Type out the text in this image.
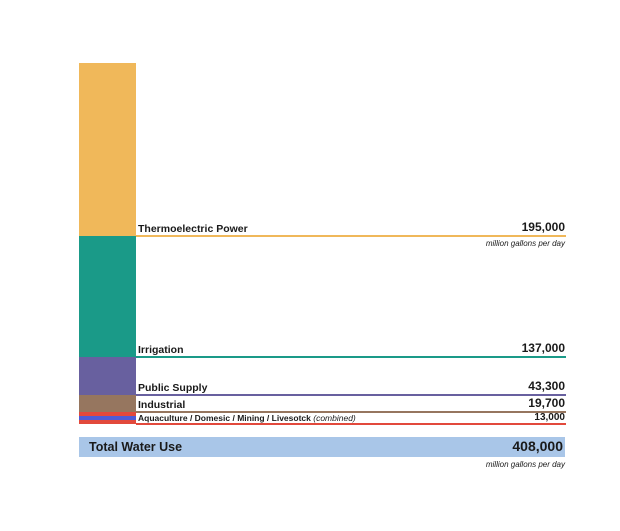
Thermoelectric Power	195,000
million gallons per day
Irrigation	137,000
Public Supply	43,300
Industrial	19,700
Aquaculture / Domesic / Mining / Livesotck (combined)	13,000
Total Water Use	408,000
million gallons per day
